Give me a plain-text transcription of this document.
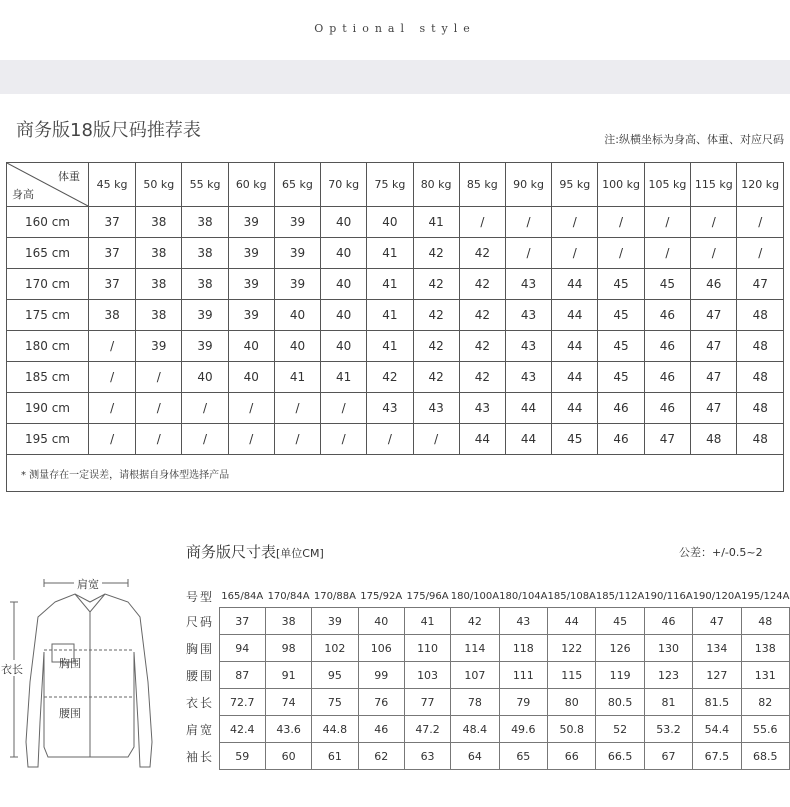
Optional style
商务版18版尺码推荐表	注:纵横坐标为身高、体重、对应尺码
体重
身高	45 kg	50 kg	55 kg	60 kg	65 kg	70 kg	75 kg	80 kg	85 kg	90 kg	95 kg	100 kg	105 kg	115 kg	120 kg
160 cm	37	38	38	39	39	40	40	41	/	/	/	/	/	/	/
165 cm	37	38	38	39	39	40	41	42	42	/	/	/	/	/	/
170 cm	37	38	38	39	39	40	41	42	42	43	44	45	45	46	47
175 cm	38	38	39	39	40	40	41	42	42	43	44	45	46	47	48
180 cm	/	39	39	40	40	40	41	42	42	43	44	45	46	47	48
185 cm	/	/	40	40	41	41	42	42	42	43	44	45	46	47	48
190 cm	/	/	/	/	/	/	43	43	43	44	44	46	46	47	48
195 cm	/	/	/	/	/	/	/	/	44	44	45	46	47	48	48
* 测量存在一定误差，请根据自身体型选择产品
商务版尺寸表[单位CM]	公差：+/-0.5~2
肩宽
衣长	胸围
腰围
号型	165/84A	170/84A	170/88A	175/92A	175/96A	180/100A	180/104A	185/108A	185/112A	190/116A	190/120A	195/124A
尺码	37	38	39	40	41	42	43	44	45	46	47	48
胸围	94	98	102	106	110	114	118	122	126	130	134	138
腰围	87	91	95	99	103	107	111	115	119	123	127	131
衣长	72.7	74	75	76	77	78	79	80	80.5	81	81.5	82
肩宽	42.4	43.6	44.8	46	47.2	48.4	49.6	50.8	52	53.2	54.4	55.6
袖长	59	60	61	62	63	64	65	66	66.5	67	67.5	68.5
